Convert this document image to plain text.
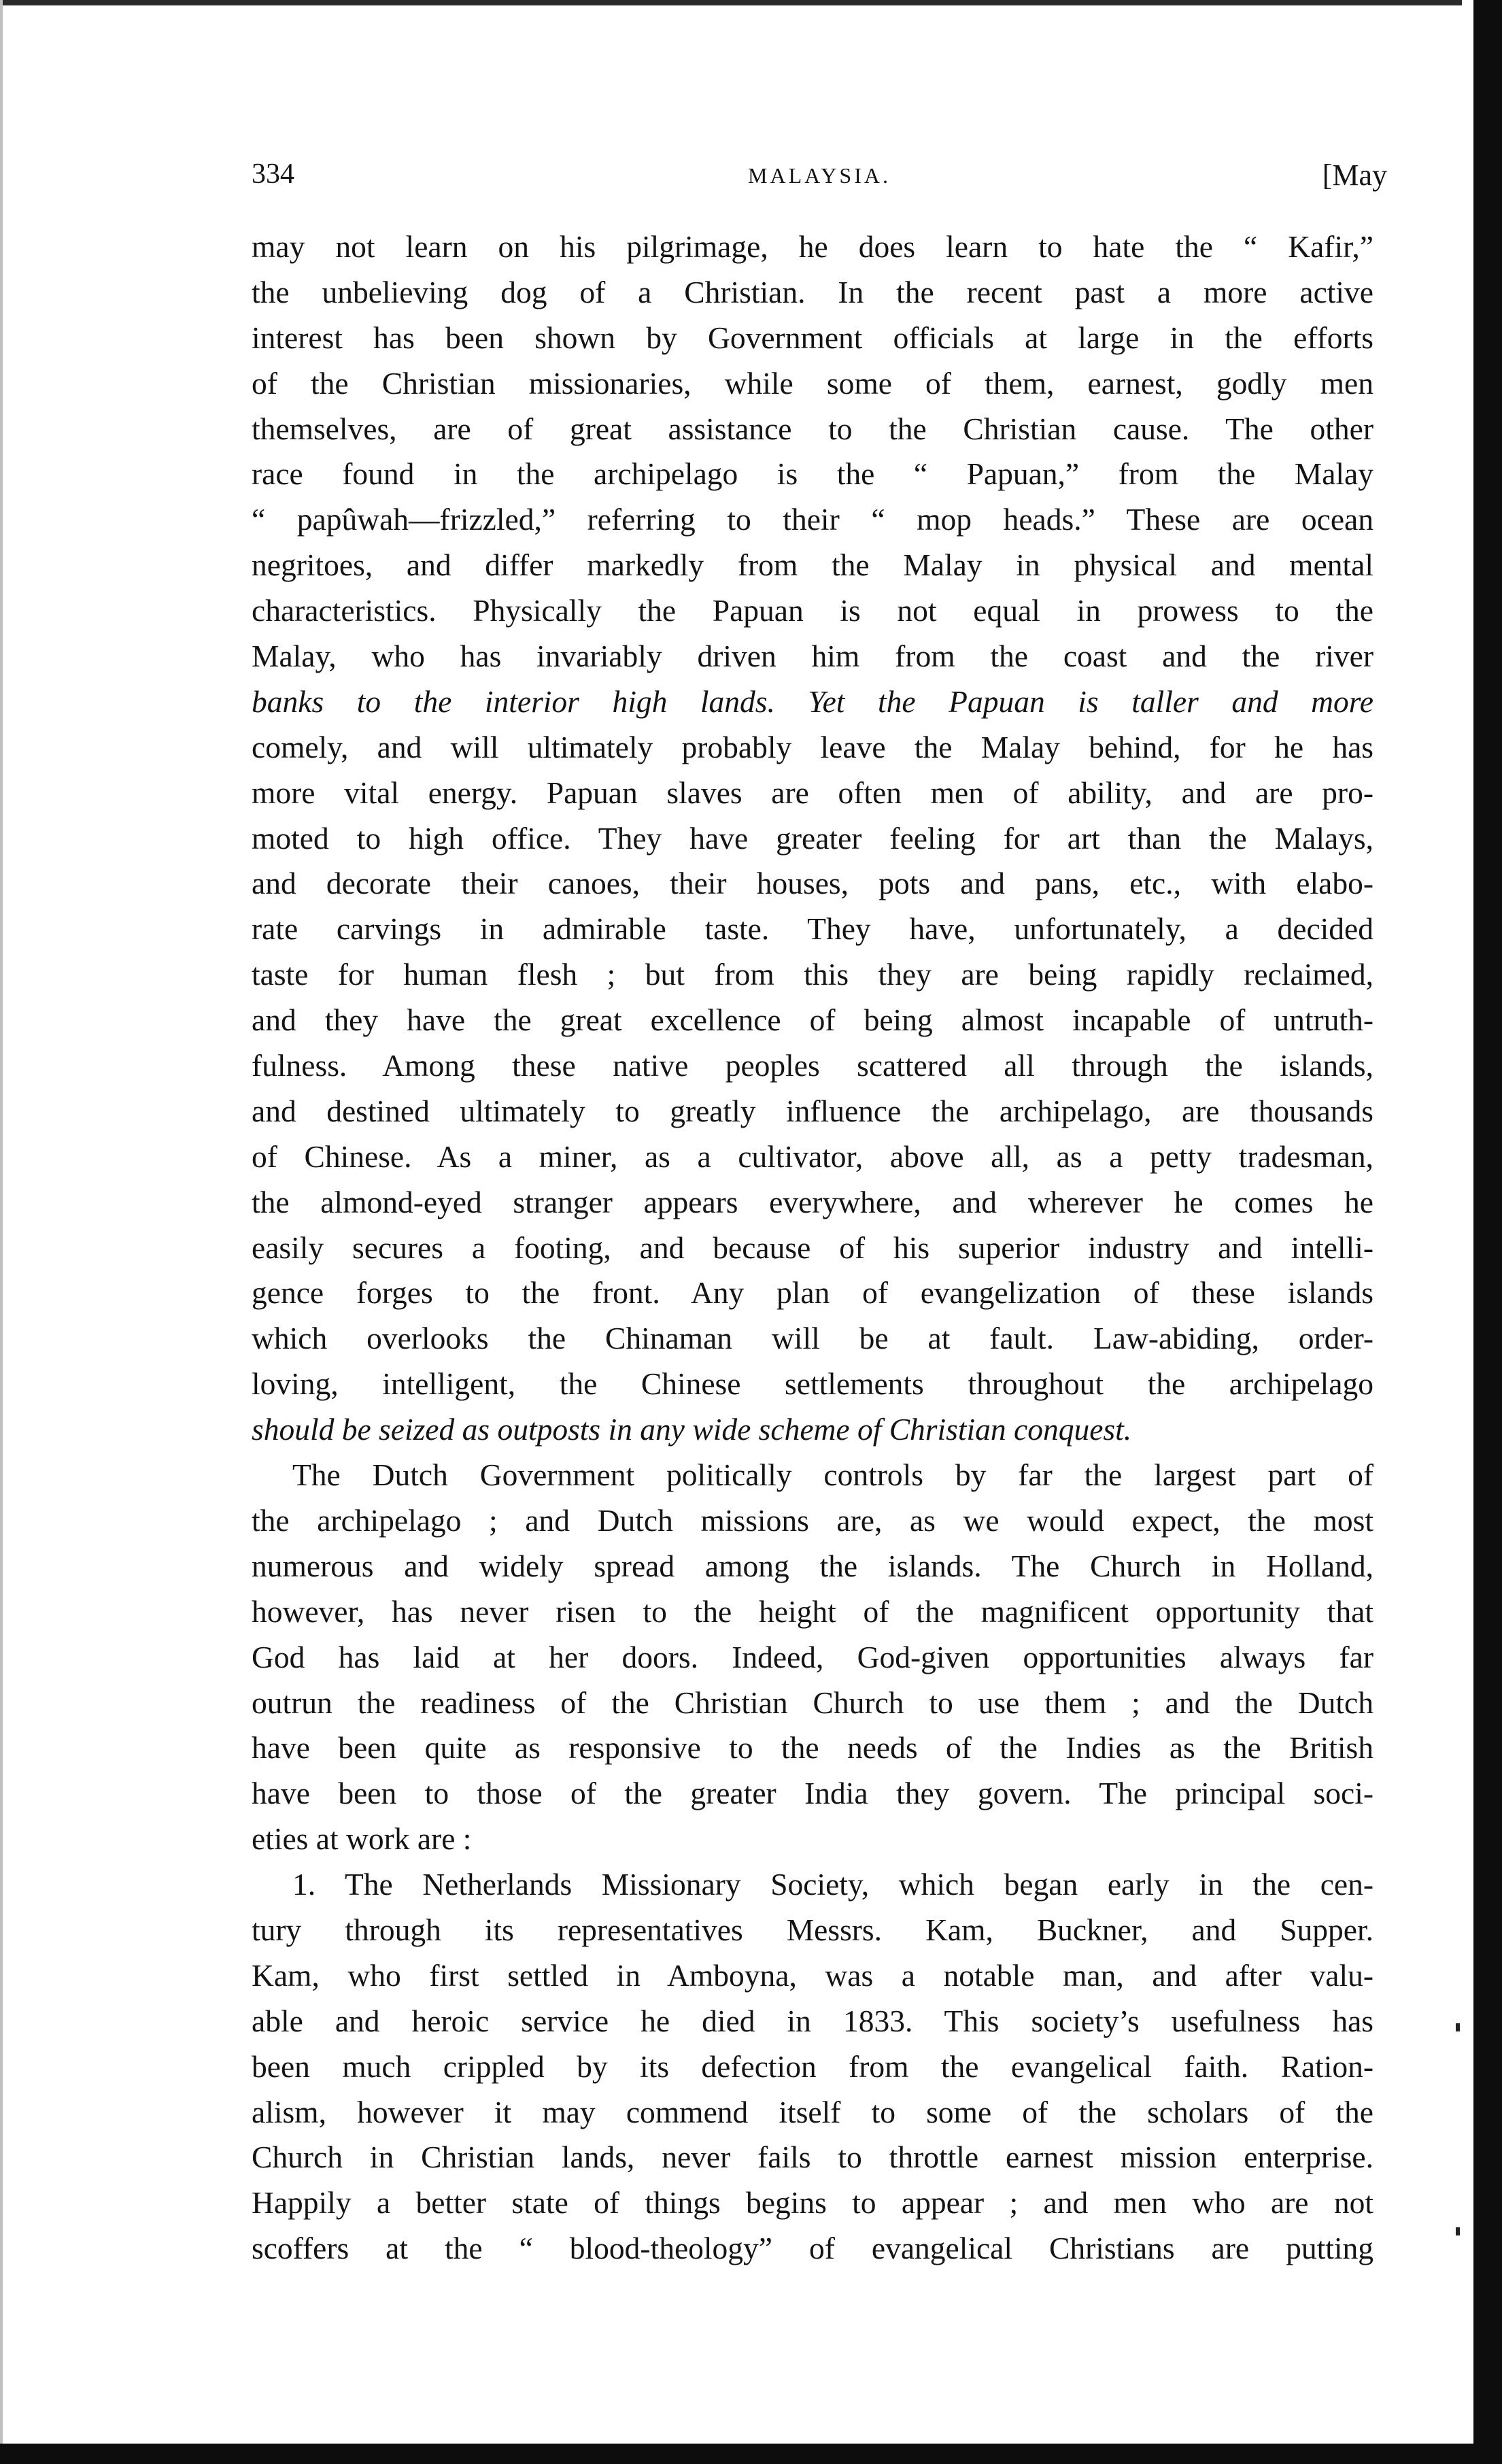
334	MALAYSIA.	[May
may not learn on his pilgrimage, he does learn to hate the “ Kafir,”
the unbelieving dog of a Christian. In the recent past a more active
interest has been shown by Government officials at large in the efforts
of the Christian missionaries, while some of them, earnest, godly men
themselves, are of great assistance to the Christian cause. The other
race found in the archipelago is the “ Papuan,” from the Malay
“ papûwah—frizzled,” referring to their “ mop heads.” These are ocean
negritoes, and differ markedly from the Malay in physical and mental
characteristics. Physically the Papuan is not equal in prowess to the
Malay, who has invariably driven him from the coast and the river
banks to the interior high lands. Yet the Papuan is taller and more
comely, and will ultimately probably leave the Malay behind, for he has
more vital energy. Papuan slaves are often men of ability, and are pro-
moted to high office. They have greater feeling for art than the Malays,
and decorate their canoes, their houses, pots and pans, etc., with elabo-
rate carvings in admirable taste. They have, unfortunately, a decided
taste for human flesh ; but from this they are being rapidly reclaimed,
and they have the great excellence of being almost incapable of untruth-
fulness. Among these native peoples scattered all through the islands,
and destined ultimately to greatly influence the archipelago, are thousands
of Chinese. As a miner, as a cultivator, above all, as a petty tradesman,
the almond-eyed stranger appears everywhere, and wherever he comes he
easily secures a footing, and because of his superior industry and intelli-
gence forges to the front. Any plan of evangelization of these islands
which overlooks the Chinaman will be at fault. Law-abiding, order-
loving, intelligent, the Chinese settlements throughout the archipelago
should be seized as outposts in any wide scheme of Christian conquest.
The Dutch Government politically controls by far the largest part of
the archipelago ; and Dutch missions are, as we would expect, the most
numerous and widely spread among the islands. The Church in Holland,
however, has never risen to the height of the magnificent opportunity that
God has laid at her doors. Indeed, God-given opportunities always far
outrun the readiness of the Christian Church to use them ; and the Dutch
have been quite as responsive to the needs of the Indies as the British
have been to those of the greater India they govern. The principal soci-
eties at work are :
1. The Netherlands Missionary Society, which began early in the cen-
tury through its representatives Messrs. Kam, Buckner, and Supper.
Kam, who first settled in Amboyna, was a notable man, and after valu-
able and heroic service he died in 1833. This society’s usefulness has
been much crippled by its defection from the evangelical faith. Ration-
alism, however it may commend itself to some of the scholars of the
Church in Christian lands, never fails to throttle earnest mission enterprise.
Happily a better state of things begins to appear ; and men who are not
scoffers at the “ blood-theology” of evangelical Christians are putting
